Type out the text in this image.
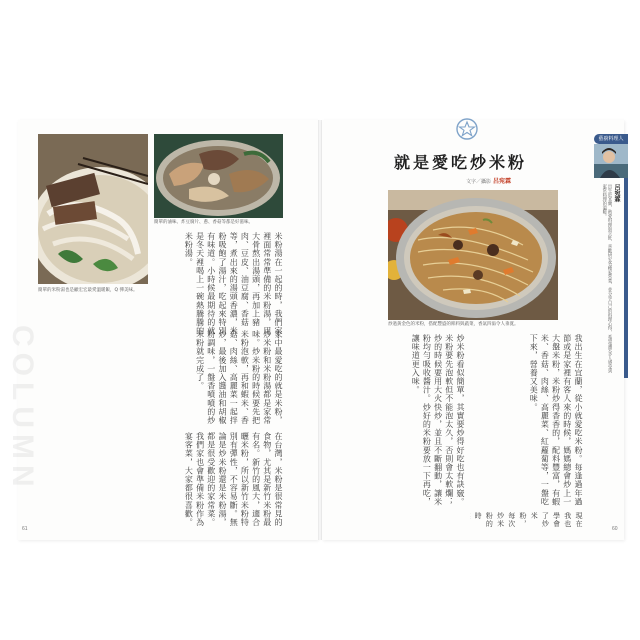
簡單的米粉湯也是顧宏宏最愛溫暖飯，Q 彈美味。
簡單的滷味、炸豆腐片、蔥、香菇等都是好滋味。
米粉湯在一起的時，我們家裡面常常準備的米粉湯，用大骨熬出湯頭，再加上豬肉、豆皮、油豆腐、香菇等，煮出來的湯頭香濃，米粉吸飽了湯汁，吃起來特別有味道。小時候最期待的就是冬天裡喝上一碗熱騰騰的米粉湯。
家中最愛吃的就是米粉，炒米粉和米粉湯都是家常味。炒米粉的時候要先把米粉泡軟，再和蝦米、香菇、肉絲、高麗菜一起拌炒，最後加入醬油和胡椒粉調味，一盤香噴噴的炒米粉就完成了。
在台灣，米粉是很常見的食物，尤其是新竹米粉最有名。新竹的風大，適合曬米粉，所以新竹米粉特別有彈性，不容易斷。無論是炒米粉還是米粉湯，都是很受歡迎的家常菜。我們家也會準備米粉作為宴客菜，大家都很喜歡。
COLUMN
61
就是愛吃炒米粉
文字／攝影 呂宛霖
炒過黃金色的米粉，搭配豐盛的餡料與蔬菜，香氣四溢令人垂涎。
我出生在宜蘭，從小就愛吃米粉。每逢過年過節或是家裡有客人來的時候，媽媽總會炒上一大盤米粉，米粉炒得香香的，配料豐富，有蝦米、香菇、肉絲、高麗菜、紅蘿蔔等，一盤吃下來，營養又美味。
炒米粉看似簡單，其實要炒得好吃也有訣竅。米粉要先泡軟但不能泡太久，否則會太軟爛；炒的時候要用大火快炒，並且不斷翻動，讓米粉均勻吸收醬汁。炒好的米粉要放一下再吃，讓味道更入味。
現在我也學會了炒米粉，每次炒米粉的時
60
藝廚料理人
呂宛霖
出生於宜蘭，熱愛料理與烹飪，喜歡研究各種家常菜，並分享自己的料理心得，希望讓更多人感受到家常料理的溫暖。
